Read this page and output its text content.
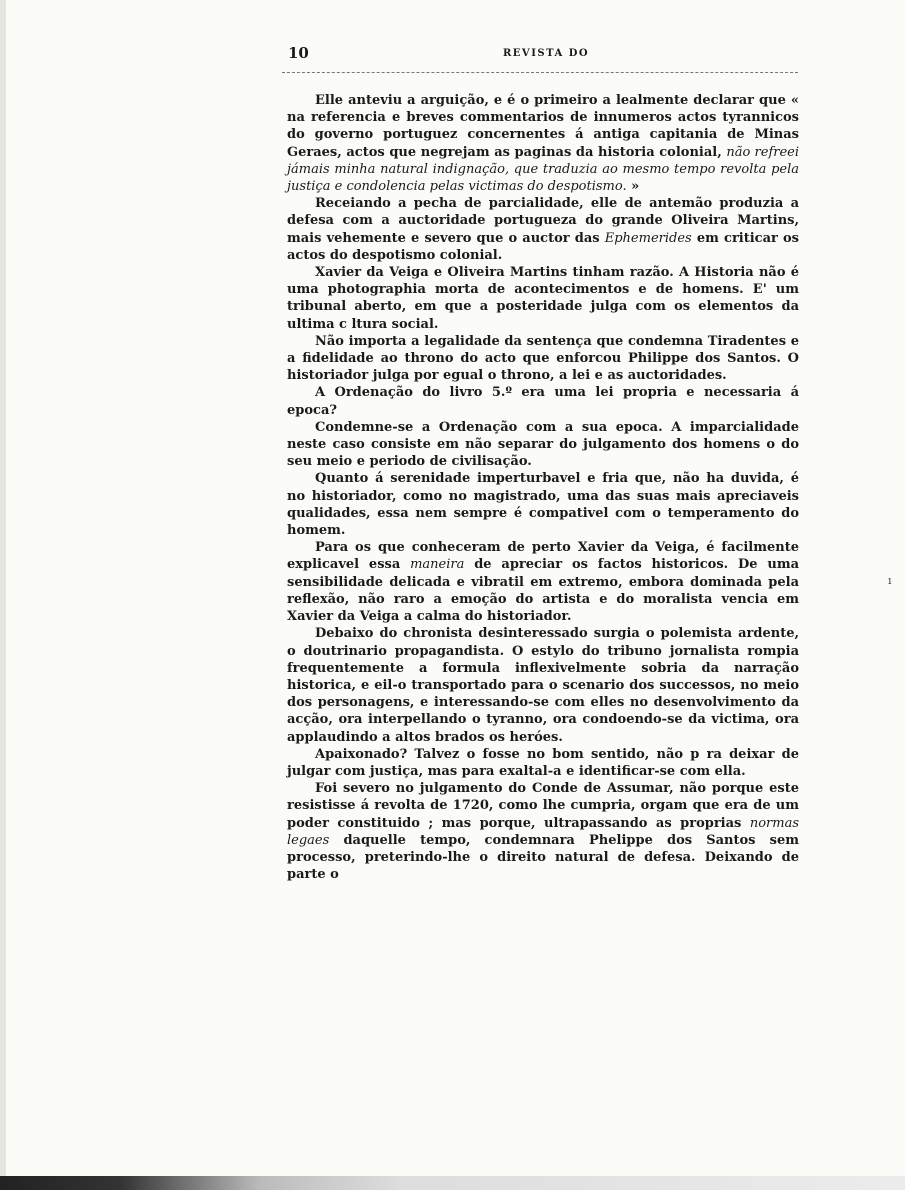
10	REVISTA DO

Elle anteviu a arguição, e é o primeiro a lealmente declarar que « na referencia e breves commentarios de innumeros actos tyrannicos do governo portuguez concernentes á antiga capitania de Minas Geraes, actos que negrejam as paginas da historia colonial, não refreei jámais minha natural indignação, que traduzia ao mesmo tempo revolta pela justiça e condolencia pelas victimas do despotismo. »

Receiando a pecha de parcialidade, elle de antemão produzia a defesa com a auctoridade portugueza do grande Oliveira Martins, mais vehemente e severo que o auctor das Ephemerides em criticar os actos do despotismo colonial.

Xavier da Veiga e Oliveira Martins tinham razão. A Historia não é uma photographia morta de acontecimentos e de homens. E' um tribunal aberto, em que a posteridade julga com os elementos da ultima c ltura social.

Não importa a legalidade da sentença que condemna Tiradentes e a fidelidade ao throno do acto que enforcou Philippe dos Santos. O historiador julga por egual o throno, a lei e as auctoridades.

A Ordenação do livro 5.º era uma lei propria e necessaria á epoca?

Condemne-se a Ordenação com a sua epoca. A imparcialidade neste caso consiste em não separar do julgamento dos homens o do seu meio e periodo de civilisação.

Quanto á serenidade imperturbavel e fria que, não ha duvida, é no historiador, como no magistrado, uma das suas mais apreciaveis qualidades, essa nem sempre é compativel com o temperamento do homem.

Para os que conheceram de perto Xavier da Veiga, é facilmente explicavel essa maneira de apreciar os factos historicos. De uma sensibilidade delicada e vibratil em extremo, embora dominada pela reflexão, não raro a emoção do artista e do moralista vencia em Xavier da Veiga a calma do historiador.

Debaixo do chronista desinteressado surgia o polemista ardente, o doutrinario propagandista. O estylo do tribuno jornalista rompia frequentemente a formula inflexivelmente sobria da narração historica, e eil-o transportado para o scenario dos successos, no meio dos personagens, e interessando-se com elles no desenvolvimento da acção, ora interpellando o tyranno, ora condoendo-se da victima, ora applaudindo a altos brados os heróes.

Apaixonado? Talvez o fosse no bom sentido, não p ra deixar de julgar com justiça, mas para exaltal-a e identificar-se com ella.

Foi severo no julgamento do Conde de Assumar, não porque este resistisse á revolta de 1720, como lhe cumpria, orgam que era de um poder constituido ; mas porque, ultrapassando as proprias normas legaes daquelle tempo, condemnara Phelippe dos Santos sem processo, preterindo-lhe o direito natural de defesa. Deixando de parte o

ı
